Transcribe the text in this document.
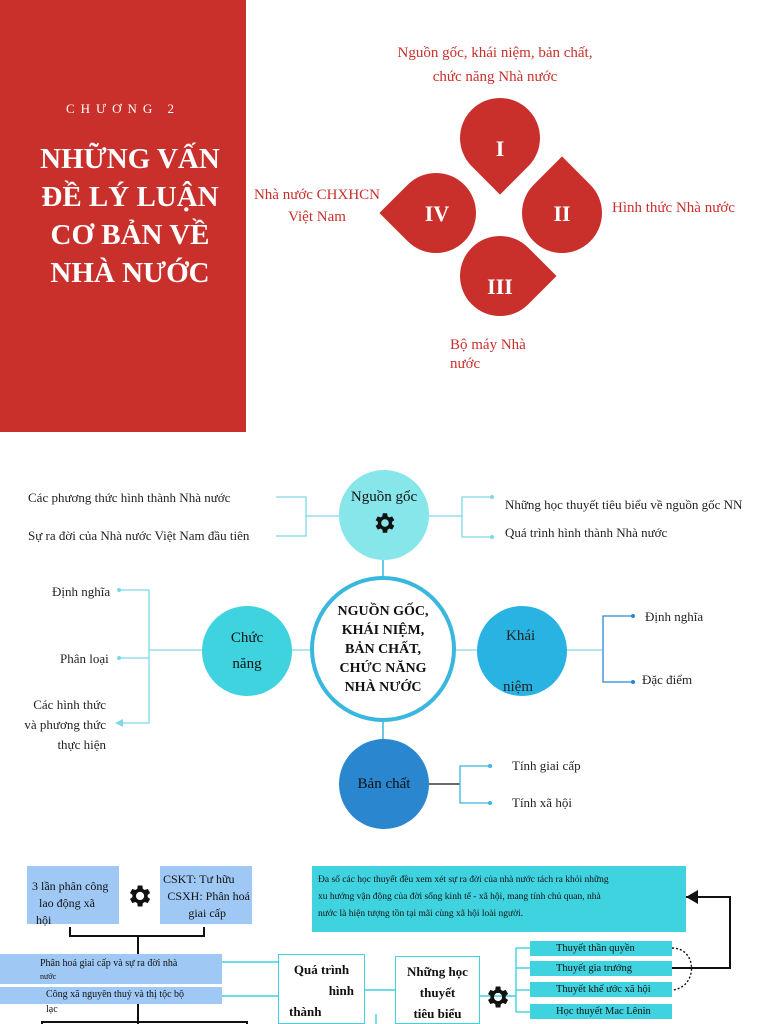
CHƯƠNG 2
NHỮNG VẤN
ĐỀ LÝ LUẬN
CƠ BẢN VỀ
NHÀ NƯỚC
I
II
III
IV
Nguồn gốc, khái niệm, bản chất,
chức năng Nhà nước
Hình thức Nhà nước
Bộ máy Nhà
nước
Nhà nước CHXHCN
Việt Nam
Nguồn gốc
NGUỒN GỐC,
KHÁI NIỆM,
BẢN CHẤT,
CHỨC NĂNG
NHÀ NƯỚC
Chức
năng
Khái
niệm
Bản chất
Các phương thức hình thành Nhà nước
Sự ra đời của Nhà nước Việt Nam đầu tiên
Những học thuyết tiêu biểu về nguồn gốc NN
Quá trình hình thành Nhà nước
Định nghĩa
Phân loại
Các hình thức
và phương thức
thực hiện
Định nghĩa
Đặc điểm
Tính giai cấp
Tính xã hội
3 lần phân công
lao động xã
hội
CSKT: Tư hữu
CSXH: Phân hoá
giai cấp
Phân hoá giai cấp và sự ra đời nhà
nước
Công xã nguyên thuỷ và thị tộc bộ
lạc
Quá trình
hình
thành
Những học
thuyết
tiêu biểu
Đa số các học thuyết đều xem xét sự ra đời của nhà nước tách ra khỏi những
xu hướng vận động của đời sống kinh tế - xã hội, mang tính chủ quan, nhà
nước là hiện tượng tồn tại mãi cùng xã hội loài người.
Thuyết thần quyền
Thuyết gia trưởng
Thuyết khế ước xã hội
Học thuyết Mac Lênin
